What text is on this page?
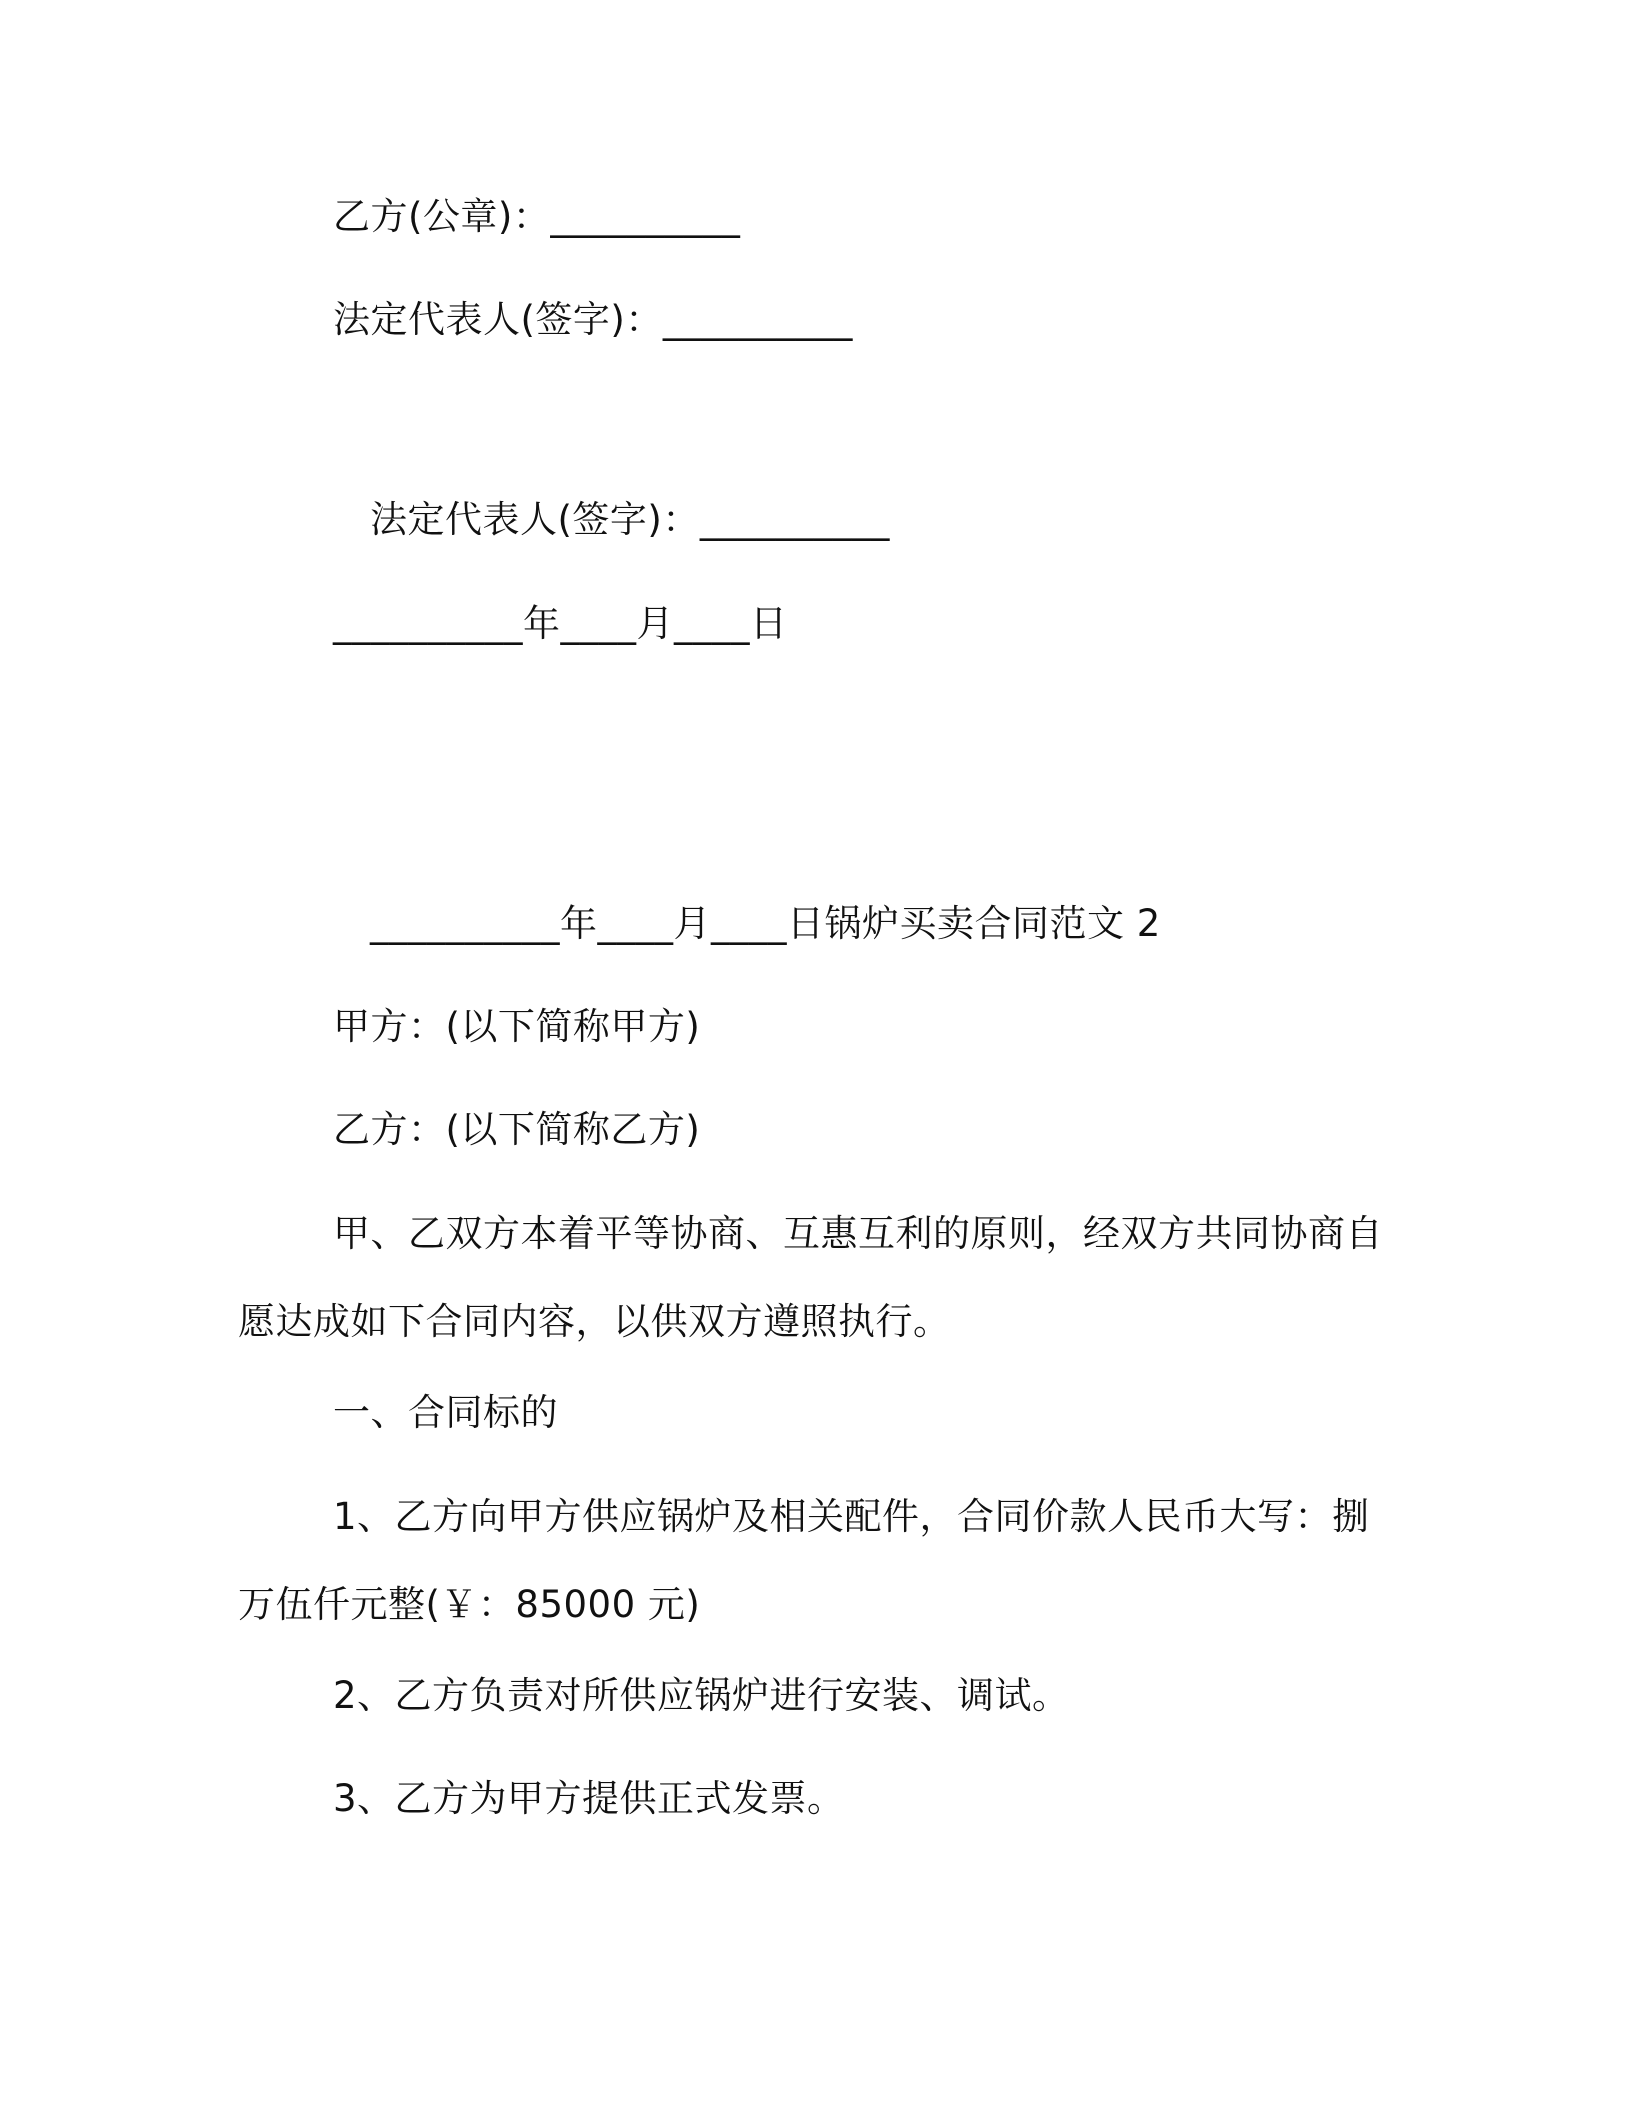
乙方(公章)：__________
法定代表人(签字)：__________
法定代表人(签字)：__________
__________年____月____日
__________年____月____日锅炉买卖合同范文 2
甲方：(以下简称甲方)
乙方：(以下简称乙方)
甲、乙双方本着平等协商、互惠互利的原则，经双方共同协商自愿达成如下合同内容，以供双方遵照执行。
一、合同标的
1、乙方向甲方供应锅炉及相关配件，合同价款人民币大写：捌万伍仟元整(￥：85000 元)
2、乙方负责对所供应锅炉进行安装、调试。
3、乙方为甲方提供正式发票。
